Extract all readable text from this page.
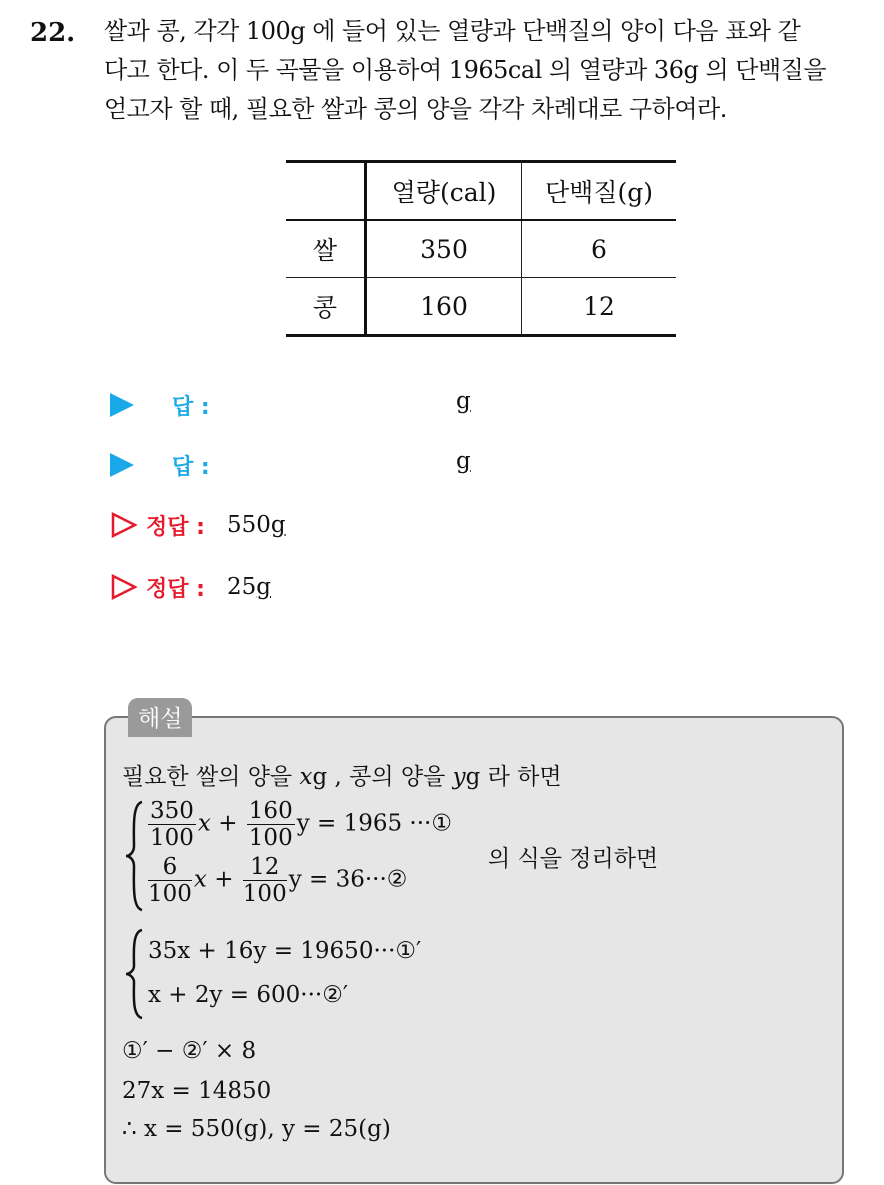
22. 쌀과 콩, 각각 100g 에 들어 있는 열량과 단백질의 양이 다음 표와 같
다고 한다. 이 두 곡물을 이용하여 1965cal 의 열량과 36g 의 단백질을
얻고자 할 때, 필요한 쌀과 콩의 양을 각각 차례대로 구하여라.
	열량(cal)	단백질(g)
쌀	350	6
콩	160	12
답 :	g
답 :	g
정답 : 550g
정답 : 25g
해설
필요한 쌀의 양을 xg , 콩의 양을 yg 라 하면
$\frac{350}{100}$ $x + \frac{160}{100}$ y = 1965 ···①
$\frac{6}{100}$ $x + \frac{12}{100}$ y = 36···②
의 식을 정리하면
35x + 16y = 19650···①′
x + 2y = 600···②′
①′ − ②′ × 8
27x = 14850
∴ x = 550(g), y = 25(g)
